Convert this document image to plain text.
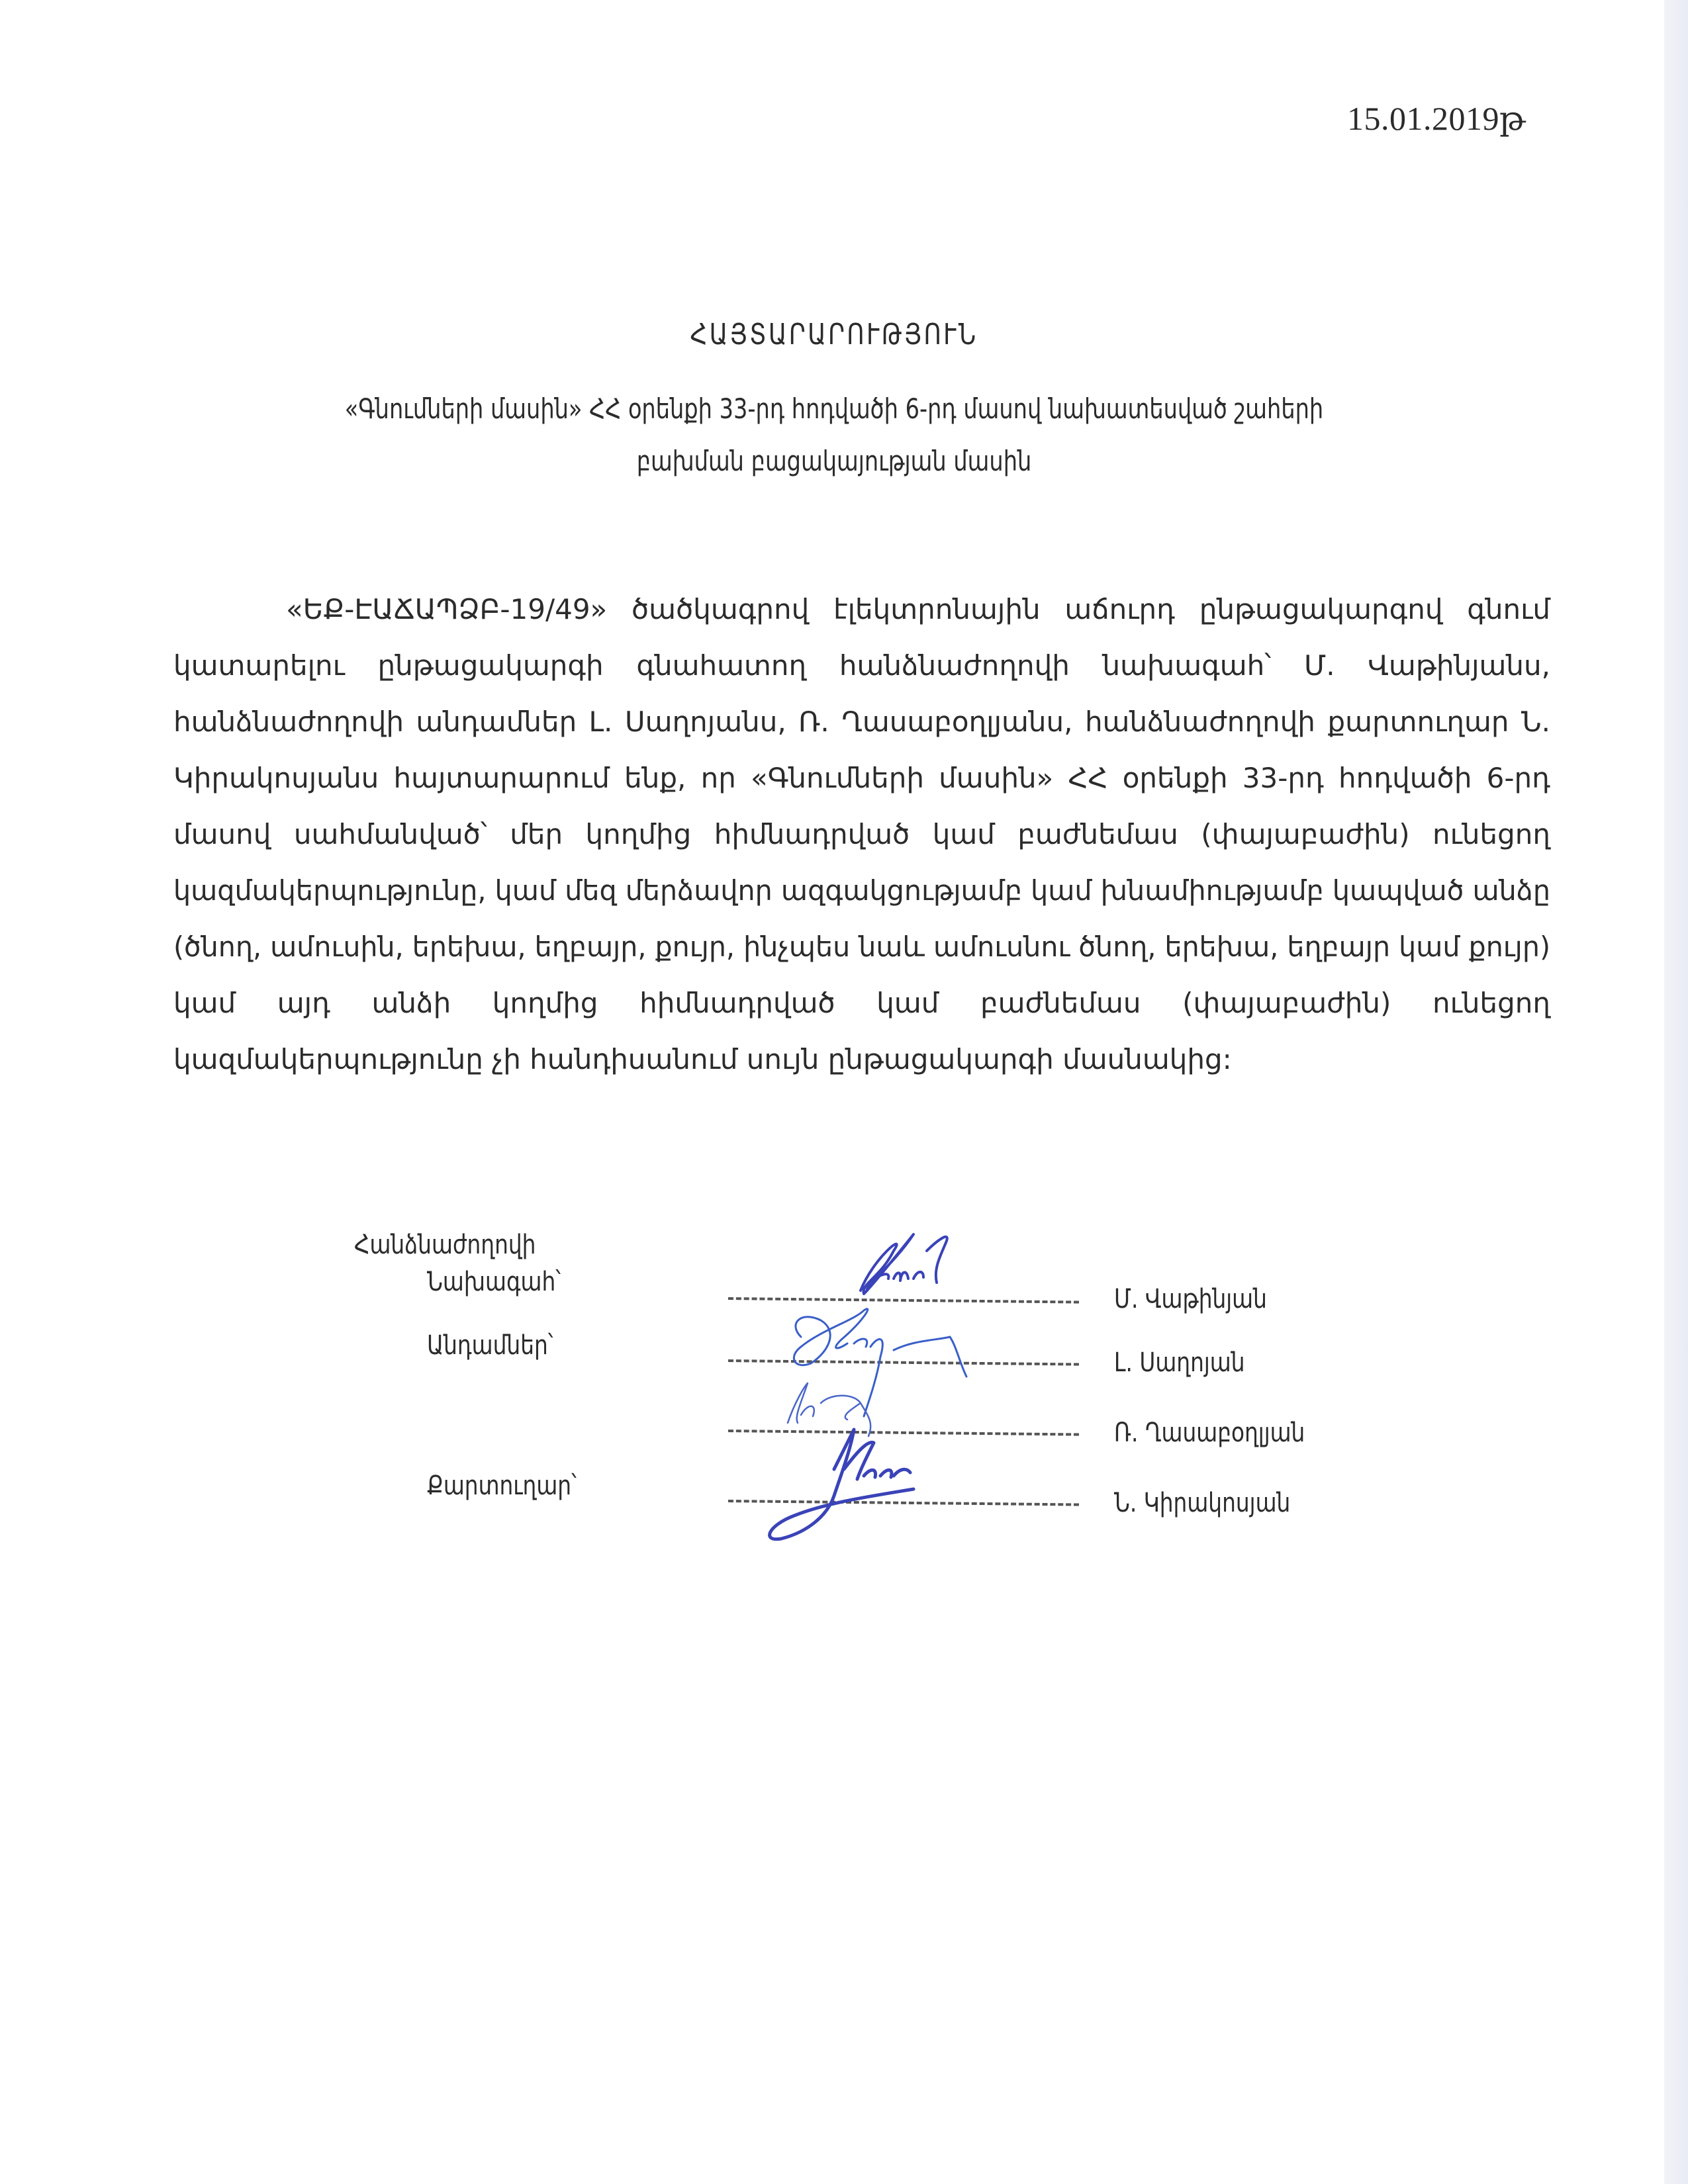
15.01.2019թ
ՀԱՅՏԱՐԱՐՈՒԹՅՈՒՆ
«Գնումների մասին» ՀՀ օրենքի 33-րդ հոդվածի 6-րդ մասով նախատեսված շահերի
բախման բացակայության մասին
«ԵՔ-ԷԱՃԱՊՁԲ-19/49» ծածկագրով էլեկտրոնային աճուրդ ընթացակարգով գնում
կատարելու ընթացակարգի գնահատող հանձնաժողովի նախագահ՝ Մ. Վաթինյանս,
հանձնաժողովի անդամներ Լ. Սաղոյանս, Ռ. Ղասաբօղլյանս, հանձնաժողովի քարտուղար Ն.
Կիրակոսյանս հայտարարում ենք, որ «Գնումների մասին» ՀՀ օրենքի 33-րդ հոդվածի 6-րդ
մասով սահմանված՝ մեր կողմից հիմնադրված կամ բաժնեմաս (փայաբաժին) ունեցող
կազմակերպությունը, կամ մեզ մերձավոր ազգակցությամբ կամ խնամիությամբ կապված անձը
(ծնող, ամուսին, երեխա, եղբայր, քույր, ինչպես նաև ամուսնու ծնող, երեխա, եղբայր կամ քույր)
կամ այդ անձի կողմից հիմնադրված կամ բաժնեմաս (փայաբաժին) ունեցող
կազմակերպությունը չի հանդիսանում սույն ընթացակարգի մասնակից:
Հանձնաժողովի
Նախագահ՝
Անդամներ՝
Քարտուղար՝
Մ. Վաթինյան
Լ. Սաղոյան
Ռ. Ղասաբօղլյան
Ն. Կիրակոսյան
